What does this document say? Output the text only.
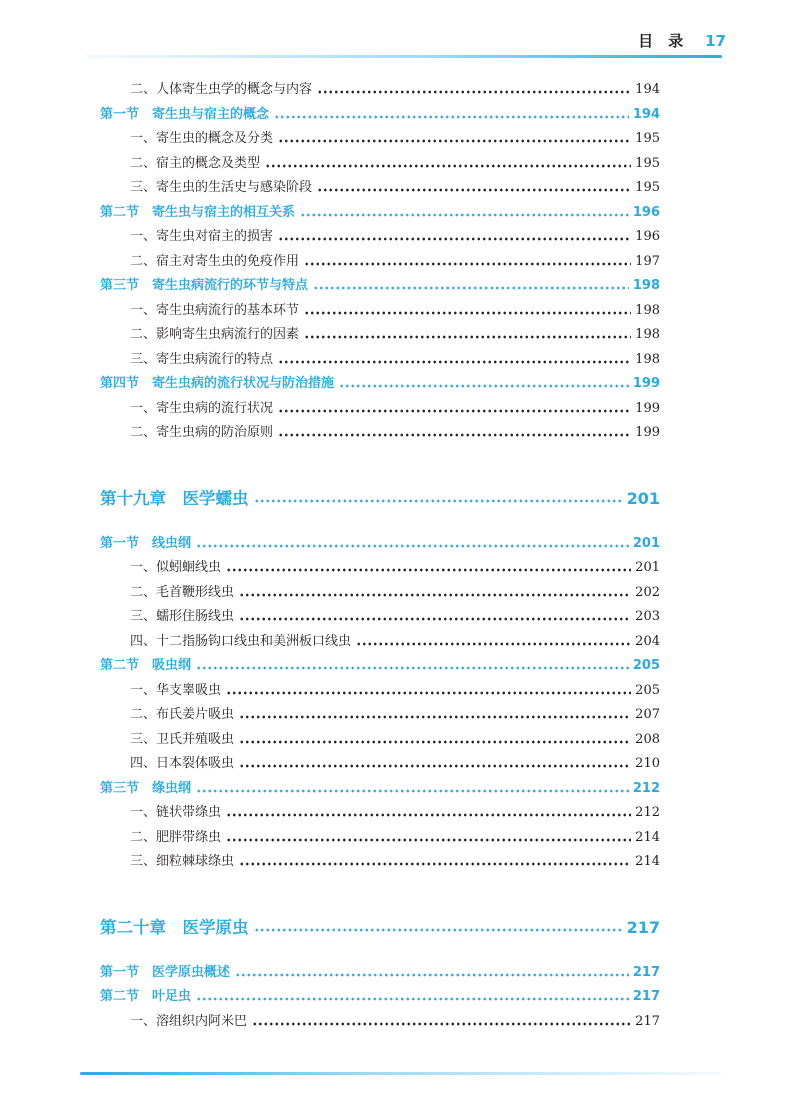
目　录 17
二、人体寄生虫学的概念与内容	194
第一节　寄生虫与宿主的概念	194
一、寄生虫的概念及分类	195
二、宿主的概念及类型	195
三、寄生虫的生活史与感染阶段	195
第二节　寄生虫与宿主的相互关系	196
一、寄生虫对宿主的损害	196
二、宿主对寄生虫的免疫作用	197
第三节　寄生虫病流行的环节与特点	198
一、寄生虫病流行的基本环节	198
二、影响寄生虫病流行的因素	198
三、寄生虫病流行的特点	198
第四节　寄生虫病的流行状况与防治措施	199
一、寄生虫病的流行状况	199
二、寄生虫病的防治原则	199
第十九章　医学蠕虫	201
第一节　线虫纲	201
一、似蚓蛔线虫	201
二、毛首鞭形线虫	202
三、蠕形住肠线虫	203
四、十二指肠钩口线虫和美洲板口线虫	204
第二节　吸虫纲	205
一、华支睾吸虫	205
二、布氏姜片吸虫	207
三、卫氏并殖吸虫	208
四、日本裂体吸虫	210
第三节　绦虫纲	212
一、链状带绦虫	212
二、肥胖带绦虫	214
三、细粒棘球绦虫	214
第二十章　医学原虫	217
第一节　医学原虫概述	217
第二节　叶足虫	217
一、溶组织内阿米巴	217
